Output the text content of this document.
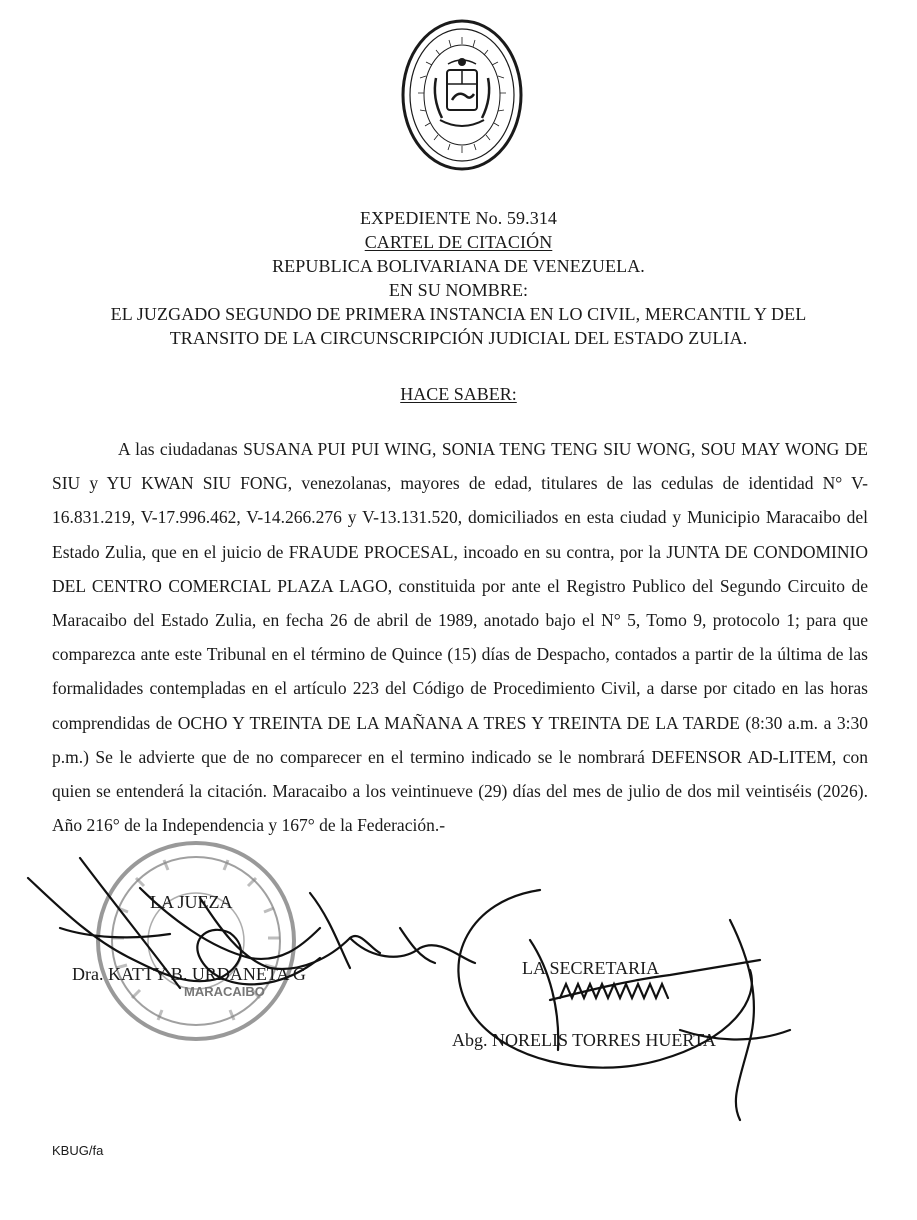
EXPEDIENTE No. 59.314
CARTEL DE CITACIÓN
REPUBLICA BOLIVARIANA DE VENEZUELA.
EN SU NOMBRE:
EL JUZGADO SEGUNDO DE PRIMERA INSTANCIA EN LO CIVIL, MERCANTIL Y DEL
TRANSITO DE LA CIRCUNSCRIPCIÓN JUDICIAL DEL ESTADO ZULIA.
HACE SABER:
A las ciudadanas SUSANA PUI PUI WING, SONIA TENG TENG SIU WONG, SOU MAY WONG DE SIU y YU KWAN SIU FONG, venezolanas, mayores de edad, titulares de las cedulas de identidad N° V-16.831.219, V-17.996.462, V-14.266.276 y V-13.131.520, domiciliados en esta ciudad y Municipio Maracaibo del Estado Zulia, que en el juicio de FRAUDE PROCESAL, incoado en su contra, por la JUNTA DE CONDOMINIO DEL CENTRO COMERCIAL PLAZA LAGO, constituida por ante el Registro Publico del Segundo Circuito de Maracaibo del Estado Zulia, en fecha 26 de abril de 1989, anotado bajo el N° 5, Tomo 9, protocolo 1; para que comparezca ante este Tribunal en el término de Quince (15) días de Despacho, contados a partir de la última de las formalidades contempladas en el artículo 223 del Código de Procedimiento Civil, a darse por citado en las horas comprendidas de OCHO Y TREINTA DE LA MAÑANA A TRES Y TREINTA DE LA TARDE (8:30 a.m. a 3:30 p.m.) Se le advierte que de no comparecer en el termino indicado se le nombrará DEFENSOR AD-LITEM, con quien se entenderá la citación. Maracaibo a los veintinueve (29) días del mes de julio de dos mil veintiséis (2026). Año 216° de la Independencia y 167° de la Federación.-
MARACAIBO
LA JUEZA
Dra. KATTY B. URDANETA G	LA SECRETARIA
Abg. NORELIS TORRES HUERTA
KBUG/fa
